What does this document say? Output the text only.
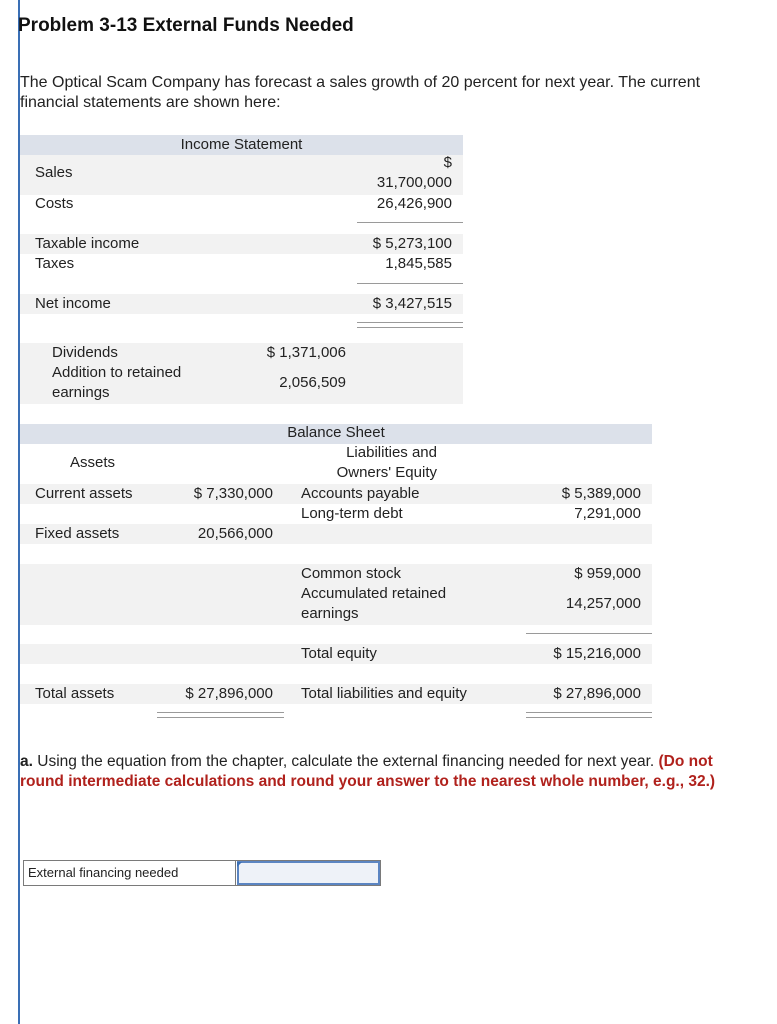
Problem 3-13 External Funds Needed
The Optical Scam Company has forecast a sales growth of 20 percent for next year. The current financial statements are shown here:
Income Statement
Sales
$
31,700,000
Costs	26,426,900
Taxable income	$ 5,273,100
Taxes	1,845,585
Net income	$ 3,427,515
Dividends	$ 1,371,006
Addition to retained earnings
2,056,509
Balance Sheet
Assets
Liabilities and Owners' Equity
Current assets	$ 7,330,000 Accounts payable	$ 5,389,000
Long-term debt	7,291,000
Fixed assets	20,566,000
Common stock	$ 959,000
Accumulated retained earnings
14,257,000
Total equity	$ 15,216,000
Total assets	$ 27,896,000 Total liabilities and equity	$ 27,896,000
a. Using the equation from the chapter, calculate the external financing needed for next year. (Do not round intermediate calculations and round your answer to the nearest whole number, e.g., 32.)
External financing needed
